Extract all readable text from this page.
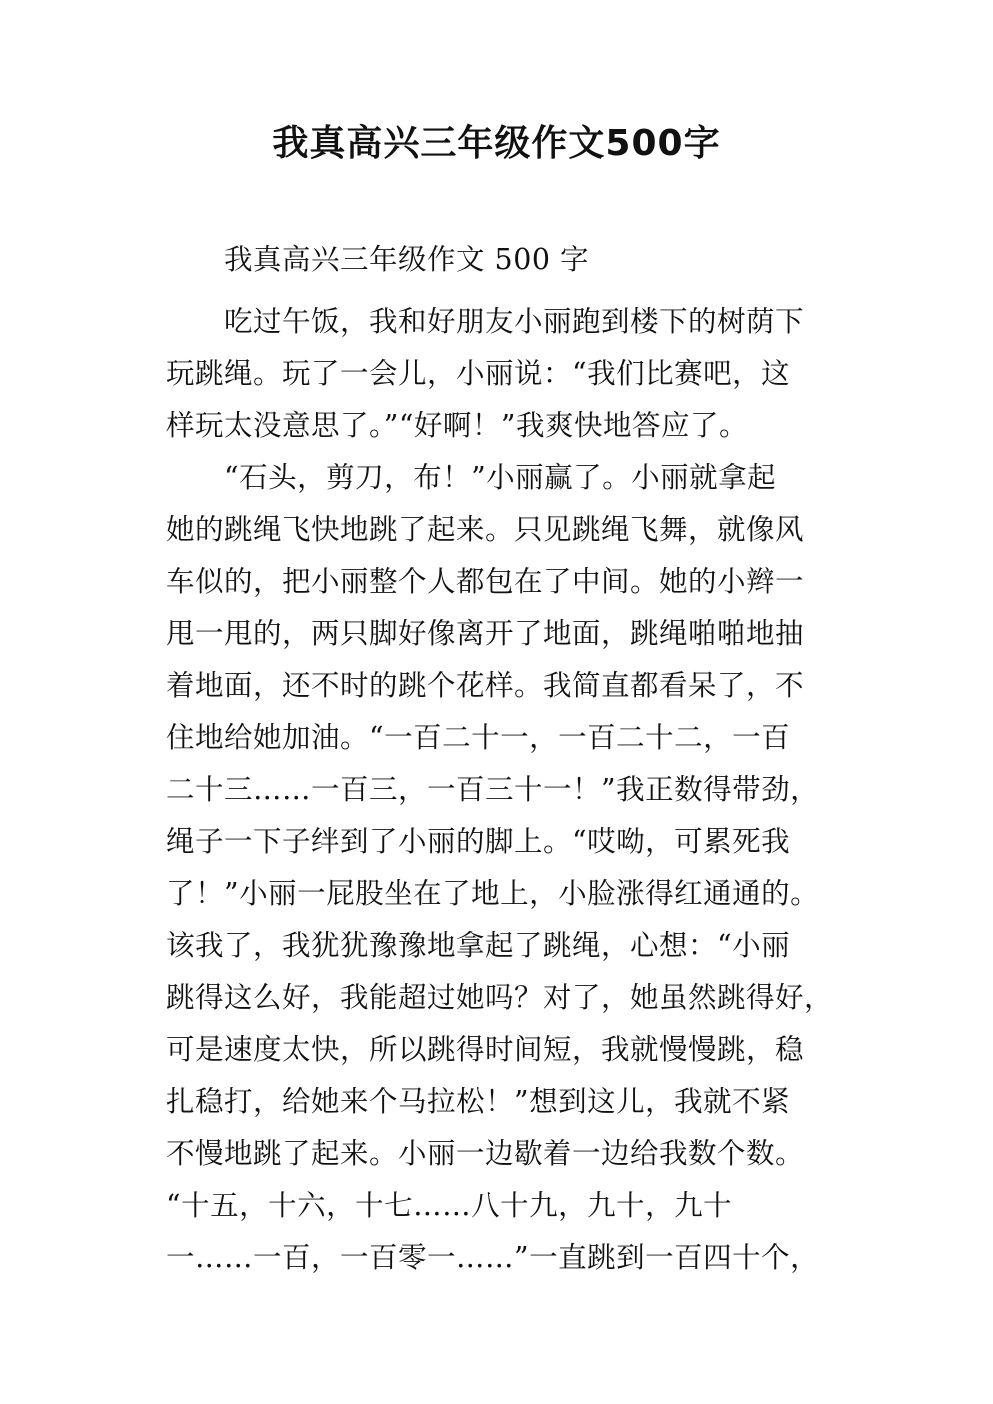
我真高兴三年级作文500字
我真高兴三年级作文 500 字
吃过午饭，我和好朋友小丽跑到楼下的树荫下
玩跳绳。玩了一会儿，小丽说：“我们比赛吧，这
样玩太没意思了。”“好啊！”我爽快地答应了。
“石头，剪刀，布！”小丽赢了。小丽就拿起
她的跳绳飞快地跳了起来。只见跳绳飞舞，就像风
车似的，把小丽整个人都包在了中间。她的小辫一
甩一甩的，两只脚好像离开了地面，跳绳啪啪地抽
着地面，还不时的跳个花样。我简直都看呆了，不
住地给她加油。“一百二十一，一百二十二，一百
二十三……一百三，一百三十一！”我正数得带劲，
绳子一下子绊到了小丽的脚上。“哎呦，可累死我
了！”小丽一屁股坐在了地上，小脸涨得红通通的。
该我了，我犹犹豫豫地拿起了跳绳，心想：“小丽
跳得这么好，我能超过她吗？对了，她虽然跳得好，
可是速度太快，所以跳得时间短，我就慢慢跳，稳
扎稳打，给她来个马拉松！”想到这儿，我就不紧
不慢地跳了起来。小丽一边歇着一边给我数个数。
“十五，十六，十七……八十九，九十，九十
一……一百，一百零一……”一直跳到一百四十个，
